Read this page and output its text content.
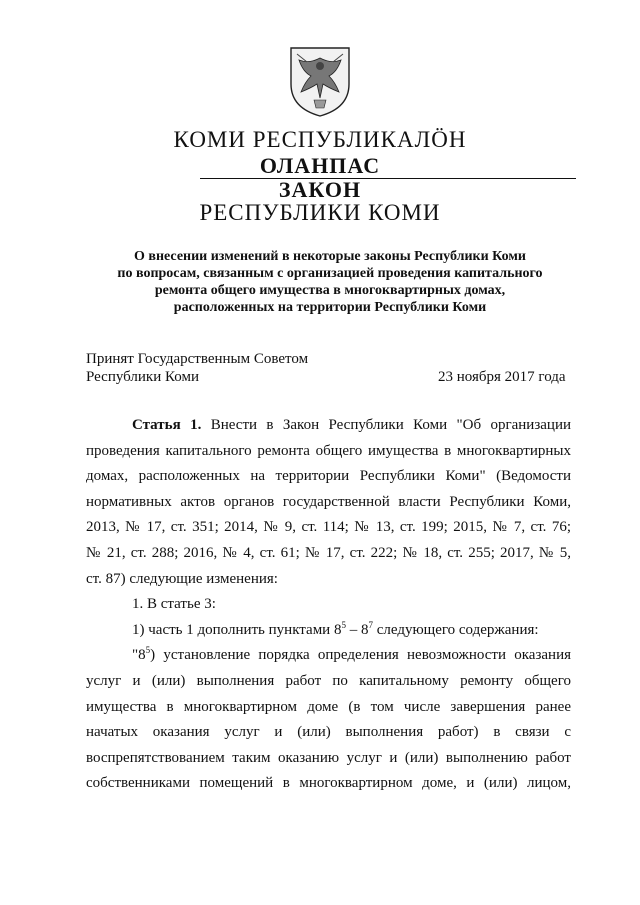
КОМИ РЕСПУБЛИКАЛӦН
ОЛАНПАС
ЗАКОН
РЕСПУБЛИКИ КОМИ
О внесении изменений в некоторые законы Республики Коми
по вопросам, связанным с организацией проведения капитального
ремонта общего имущества в многоквартирных домах,
расположенных на территории Республики Коми
Принят Государственным Советом
Республики Коми	23 ноября 2017 года

Статья 1. Внести в Закон Республики Коми "Об организации

проведения капитального ремонта общего имущества в многоквартирных

домах, расположенных на территории Республики Коми" (Ведомости

нормативных актов органов государственной власти Республики Коми,

2013, № 17, ст. 351; 2014, № 9, ст. 114; № 13, ст. 199; 2015, № 7, ст. 76;

№ 21, ст. 288; 2016, № 4, ст. 61; № 17, ст. 222; № 18, ст. 255; 2017, № 5,

ст. 87) следующие изменения:

1. В статье 3:

1) часть 1 дополнить пунктами $8^5 - 8^7$ следующего содержания:

"$8^5$) установление порядка определения невозможности оказания

услуг и (или) выполнения работ по капитальному ремонту общего

имущества в многоквартирном доме (в том числе завершения ранее

начатых оказания услуг и (или) выполнения работ) в связи с

воспрепятствованием таким оказанию услуг и (или) выполнению работ

собственниками помещений в многоквартирном доме, и (или) лицом,
